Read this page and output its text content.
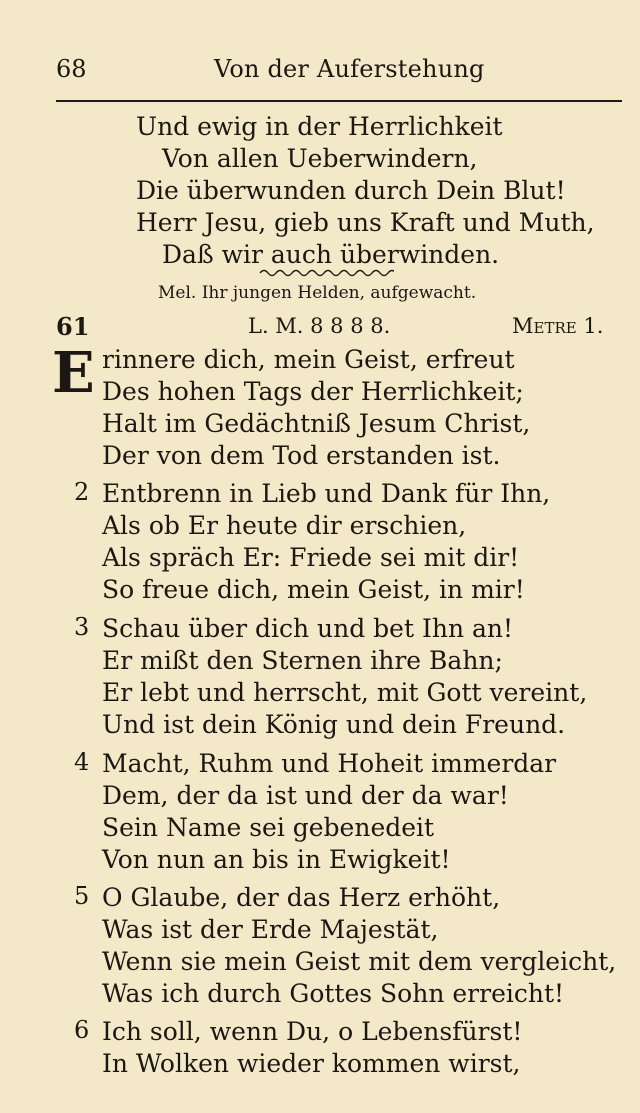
68	Von der Auferstehung
Und ewig in der Herrlichkeit
Von allen Ueberwindern,
Die überwunden durch Dein Blut!
Herr Jesu, gieb uns Kraft und Muth,
Daß wir auch überwinden.
Mel. Ihr jungen Helden, aufgewacht.
61	L. M. 8 8 8 8.	Metre 1.
E rinnere dich, mein Geist, erfreut
Des hohen Tags der Herrlichkeit;
Halt im Gedächtniß Jesum Christ,
Der von dem Tod erstanden ist.
2 Entbrenn in Lieb und Dank für Ihn,
Als ob Er heute dir erschien,
Als spräch Er: Friede sei mit dir!
So freue dich, mein Geist, in mir!
3 Schau über dich und bet Ihn an!
Er mißt den Sternen ihre Bahn;
Er lebt und herrscht, mit Gott vereint,
Und ist dein König und dein Freund.
4 Macht, Ruhm und Hoheit immerdar
Dem, der da ist und der da war!
Sein Name sei gebenedeit
Von nun an bis in Ewigkeit!
5 O Glaube, der das Herz erhöht,
Was ist der Erde Majestät,
Wenn sie mein Geist mit dem vergleicht,
Was ich durch Gottes Sohn erreicht!
6 Ich soll, wenn Du, o Lebensfürst!
In Wolken wieder kommen wirst,
